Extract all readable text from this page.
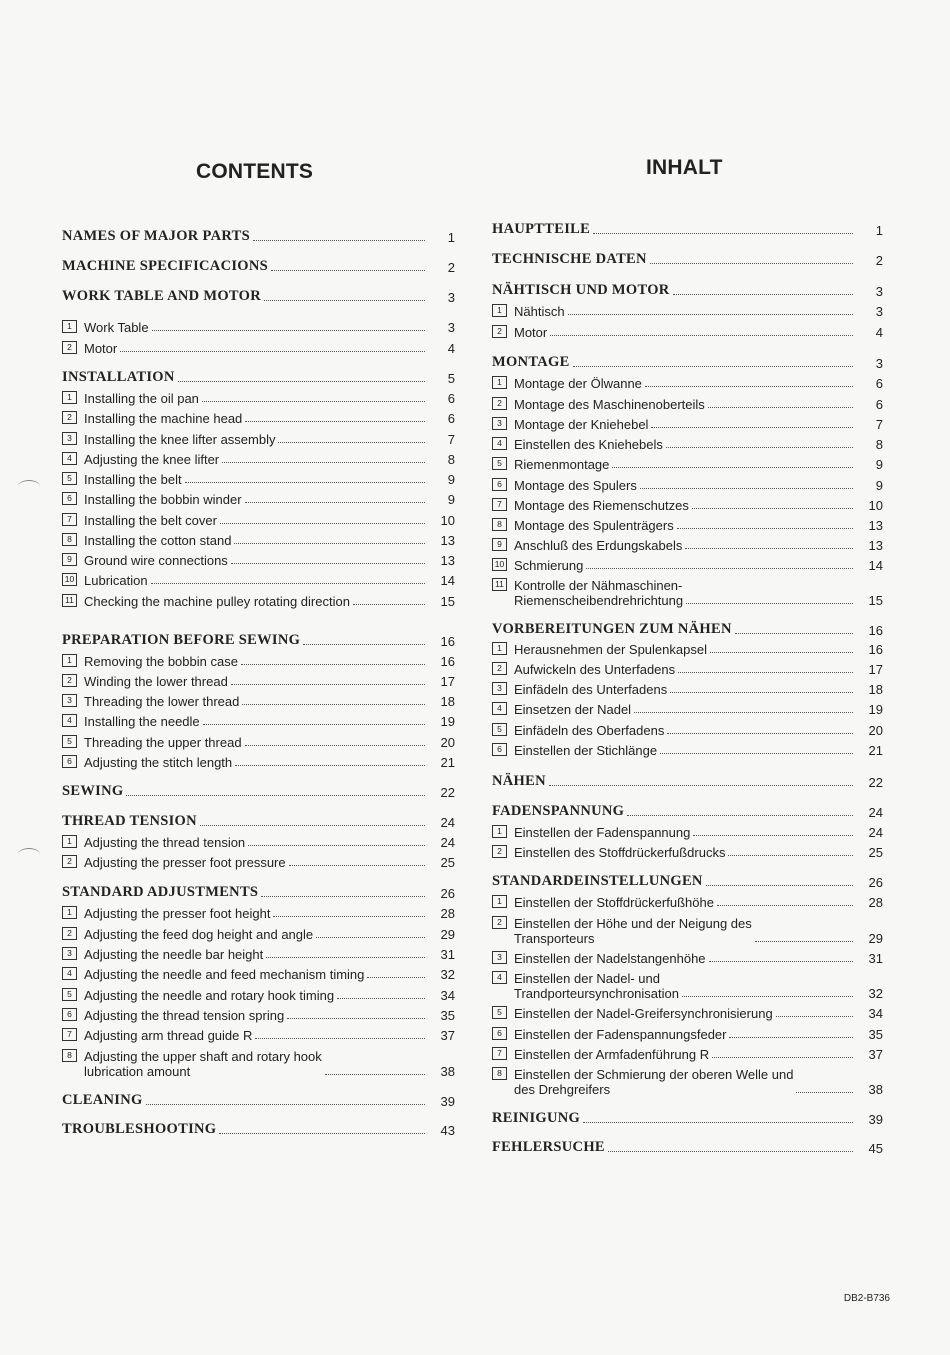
CONTENTS	INHALT
NAMES OF MAJOR PARTS	1
MACHINE SPECIFICACIONS	2
WORK TABLE AND MOTOR	3
1 Work Table	3
2 Motor	4
INSTALLATION	5
1 Installing the oil pan	6
2 Installing the machine head	6
3 Installing the knee lifter assembly	7
4 Adjusting the knee lifter	8
5 Installing the belt	9
6 Installing the bobbin winder	9
7 Installing the belt cover	10
8 Installing the cotton stand	13
9 Ground wire connections	13
10 Lubrication	14
11 Checking the machine pulley rotating direction	15
PREPARATION BEFORE SEWING	16
1 Removing the bobbin case	16
2 Winding the lower thread	17
3 Threading the lower thread	18
4 Installing the needle	19
5 Threading the upper thread	20
6 Adjusting the stitch length	21
SEWING	22
THREAD TENSION	24
1 Adjusting the thread tension	24
2 Adjusting the presser foot pressure	25
STANDARD ADJUSTMENTS	26
1 Adjusting the presser foot height	28
2 Adjusting the feed dog height and angle	29
3 Adjusting the needle bar height	31
4 Adjusting the needle and feed mechanism timing	32
5 Adjusting the needle and rotary hook timing	34
6 Adjusting the thread tension spring	35
7 Adjusting arm thread guide R	37
8 Adjusting the upper shaft and rotary hook
lubrication amount	38
CLEANING	39
TROUBLESHOOTING	43
HAUPTTEILE	1
TECHNISCHE DATEN	2
NÄHTISCH UND MOTOR	3
1 Nähtisch	3
2 Motor	4
MONTAGE	3
1 Montage der Ölwanne	6
2 Montage des Maschinenoberteils	6
3 Montage der Kniehebel	7
4 Einstellen des Kniehebels	8
5 Riemenmontage	9
6 Montage des Spulers	9
7 Montage des Riemenschutzes	10
8 Montage des Spulenträgers	13
9 Anschluß des Erdungskabels	13
10 Schmierung	14
11 Kontrolle der Nähmaschinen-
Riemenscheibendrehrichtung	15
VORBEREITUNGEN ZUM NÄHEN	16
1 Herausnehmen der Spulenkapsel	16
2 Aufwickeln des Unterfadens	17
3 Einfädeln des Unterfadens	18
4 Einsetzen der Nadel	19
5 Einfädeln des Oberfadens	20
6 Einstellen der Stichlänge	21
NÄHEN	22
FADENSPANNUNG	24
1 Einstellen der Fadenspannung	24
2 Einstellen des Stoffdrückerfußdrucks	25
STANDARDEINSTELLUNGEN	26
1 Einstellen der Stoffdrückerfußhöhe	28
2 Einstellen der Höhe und der Neigung des
Transporteurs	29
3 Einstellen der Nadelstangenhöhe	31
4 Einstellen der Nadel- und
Trandporteursynchronisation	32
5 Einstellen der Nadel-Greifersynchronisierung	34
6 Einstellen der Fadenspannungsfeder	35
7 Einstellen der Armfadenführung R	37
8 Einstellen der Schmierung der oberen Welle und
des Drehgreifers	38
REINIGUNG	39
FEHLERSUCHE	45
DB2-B736
